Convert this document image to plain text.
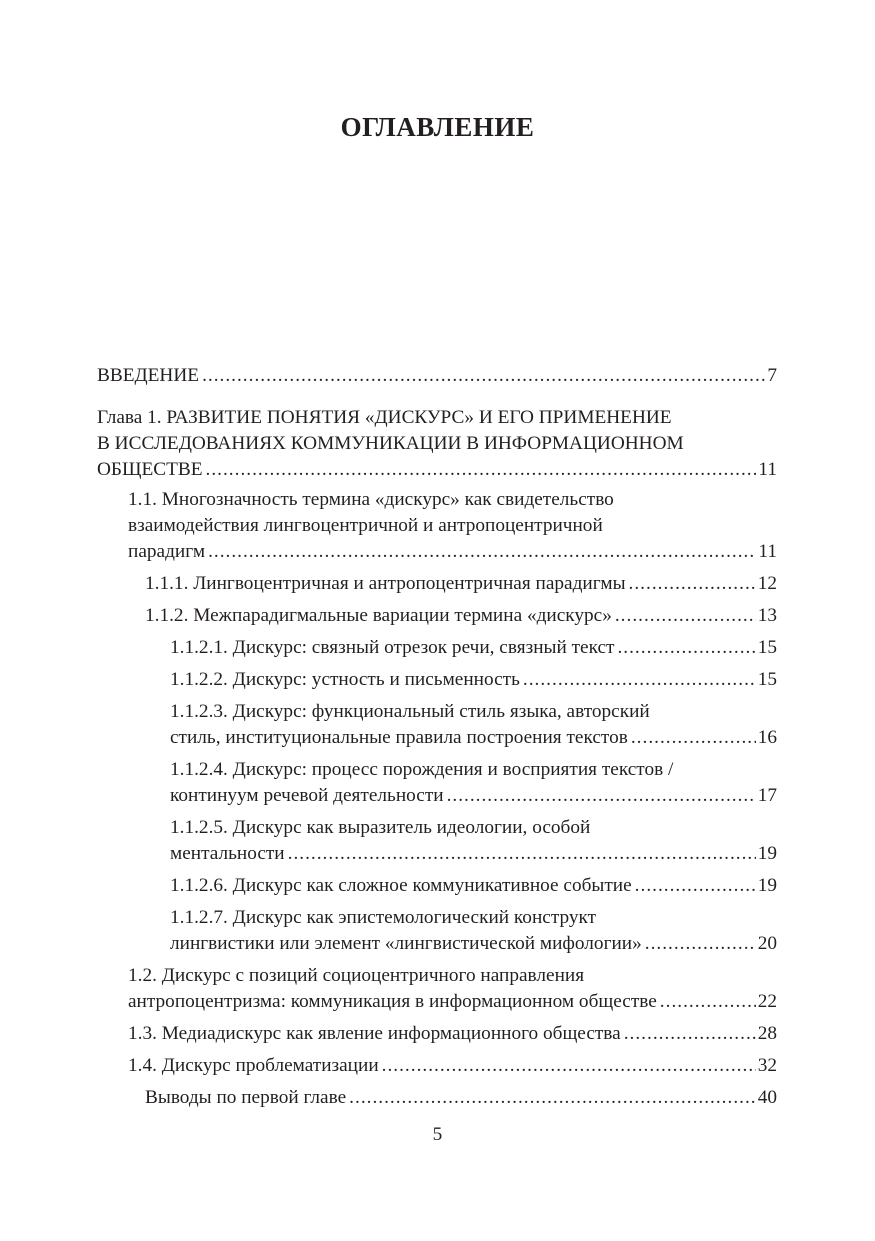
ОГЛАВЛЕНИЕ
ВВЕДЕНИЕ .....	7
Глава 1. РАЗВИТИЕ ПОНЯТИЯ «ДИСКУРС» И ЕГО ПРИМЕНЕНИЕ
В ИССЛЕДОВАНИЯХ КОММУНИКАЦИИ В ИНФОРМАЦИОННОМ
ОБЩЕСТВЕ .....	11
1.1. Многозначность термина «дискурс» как свидетельство
взаимодействия лингвоцентричной и антропоцентричной
парадигм .....	11
1.1.1. Лингвоцентричная и антропоцентричная парадигмы .....	12
1.1.2. Межпарадигмальные вариации термина «дискурс» .....	13
1.1.2.1. Дискурс: связный отрезок речи, связный текст .....	15
1.1.2.2. Дискурс: устность и письменность .....	15
1.1.2.3. Дискурс: функциональный стиль языка, авторский
стиль, институциональные правила построения текстов .....	16
1.1.2.4. Дискурс: процесс порождения и восприятия текстов /
континуум речевой деятельности .....	17
1.1.2.5. Дискурс как выразитель идеологии, особой
ментальности .....	19
1.1.2.6. Дискурс как сложное коммуникативное событие .....	19
1.1.2.7. Дискурс как эпистемологический конструкт
лингвистики или элемент «лингвистической мифологии» .....	20
1.2. Дискурс с позиций социоцентричного направления
антропоцентризма: коммуникация в информационном обществе .....	22
1.3. Медиадискурс как явление информационного общества .....	28
1.4. Дискурс проблематизации .....	32
Выводы по первой главе .....	40
5
